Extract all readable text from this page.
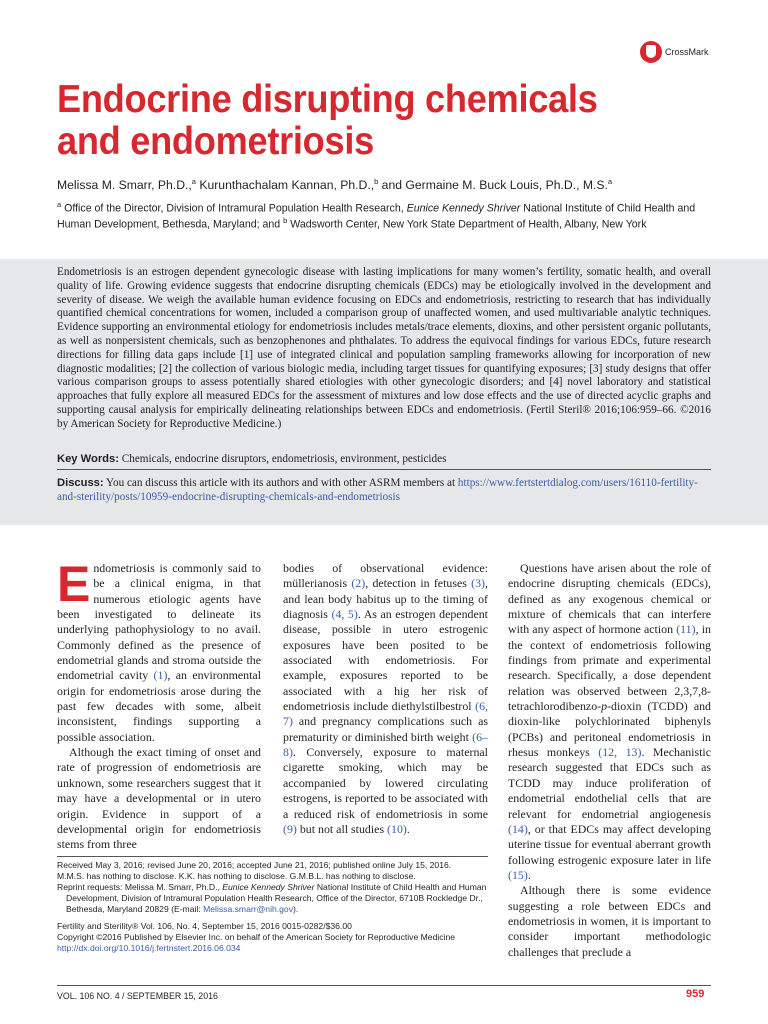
CrossMark
Endocrine disrupting chemicals
and endometriosis
Melissa M. Smarr, Ph.D.,$^a$ Kurunthachalam Kannan, Ph.D.,$^b$ and Germaine M. Buck Louis, Ph.D., M.S.$^a$
$^a$ Office of the Director, Division of Intramural Population Health Research, Eunice Kennedy Shriver National Institute of Child Health and Human Development, Bethesda, Maryland; and $^b$ Wadsworth Center, New York State Department of Health, Albany, New York

Endometriosis is an estrogen dependent gynecologic disease with lasting implications for many women’s fertility, somatic health, and overall quality of life. Growing evidence suggests that endocrine disrupting chemicals (EDCs) may be etiologically involved in the development and severity of disease. We weigh the available human evidence focusing on EDCs and endometriosis, restricting to research that has individually quantified chemical concentrations for women, included a comparison group of unaffected women, and used multivariable analytic techniques. Evidence supporting an environmental etiology for endometriosis includes metals/trace elements, dioxins, and other persistent organic pollutants, as well as nonpersistent chemicals, such as benzophenones and phthalates. To address the equivocal findings for various EDCs, future research directions for filling data gaps include [1] use of integrated clinical and population sampling frameworks allowing for incorporation of new diagnostic modalities; [2] the collection of various biologic media, including target tissues for quantifying exposures; [3] study designs that offer various comparison groups to assess potentially shared etiologies with other gynecologic disorders; and [4] novel laboratory and statistical approaches that fully explore all measured EDCs for the assessment of mixtures and low dose effects and the use of directed acyclic graphs and supporting causal analysis for empirically delineating relationships between EDCs and endometriosis. (Fertil Steril® 2016;106:959–66. ©2016 by American Society for Reproductive Medicine.)

Key Words: Chemicals, endocrine disruptors, endometriosis, environment, pesticides
Discuss: You can discuss this article with its authors and with other ASRM members at https://www.fertstertdialog.com/users/16110-fertility-and-sterility/posts/10959-endocrine-disrupting-chemicals-and-endometriosis

Endometriosis is commonly said to be a clinical enigma, in that numerous etiologic agents have been investigated to delineate its underlying pathophysiology to no avail. Commonly defined as the presence of endometrial glands and stroma outside the endometrial cavity (1), an environmental origin for endometriosis arose during the past few decades with some, albeit inconsistent, findings supporting a possible association.

Although the exact timing of onset and rate of progression of endometriosis are unknown, some researchers suggest that it may have a developmental or in utero origin. Evidence in support of a developmental origin for endometriosis stems from three

bodies of observational evidence: müllerianosis (2), detection in fetuses (3), and lean body habitus up to the timing of diagnosis (4, 5). As an estrogen dependent disease, possible in utero estrogenic exposures have been posited to be associated with endometriosis. For example, exposures reported to be associated with a hig her risk of endometriosis include diethylstilbestrol (6, 7) and pregnancy complications such as prematurity or diminished birth weight (6–8). Conversely, exposure to maternal cigarette smoking, which may be accompanied by lowered circulating estrogens, is reported to be associated with a reduced risk of endometriosis in some (9) but not all studies (10).

Questions have arisen about the role of endocrine disrupting chemicals (EDCs), defined as any exogenous chemical or mixture of chemicals that can interfere with any aspect of hormone action (11), in the context of endometriosis following findings from primate and experimental research. Specifically, a dose dependent relation was observed between 2,3,7,8-tetrachlorodibenzo-p-dioxin (TCDD) and dioxin-like polychlorinated biphenyls (PCBs) and peritoneal endometriosis in rhesus monkeys (12, 13). Mechanistic research suggested that EDCs such as TCDD may induce proliferation of endometrial endothelial cells that are relevant for endometrial angiogenesis (14), or that EDCs may affect developing uterine tissue for eventual aberrant growth following estrogenic exposure later in life (15).

Although there is some evidence suggesting a role between EDCs and endometriosis in women, it is important to consider important methodologic challenges that preclude a

Received May 3, 2016; revised June 20, 2016; accepted June 21, 2016; published online July 15, 2016.

M.M.S. has nothing to disclose. K.K. has nothing to disclose. G.M.B.L. has nothing to disclose.

Reprint requests: Melissa M. Smarr, Ph.D., Eunice Kennedy Shriver National Institute of Child Health and Human Development, Division of Intramural Population Health Research, Office of the Director, 6710B Rockledge Dr., Bethesda, Maryland 20829 (E-mail: Melissa.smarr@nih.gov).

Fertility and Sterility® Vol. 106, No. 4, September 15, 2016 0015-0282/$36.00

Copyright ©2016 Published by Elsevier Inc. on behalf of the American Society for Reproductive Medicine

http://dx.doi.org/10.1016/j.fertnstert.2016.06.034

VOL. 106 NO. 4 / SEPTEMBER 15, 2016	959
